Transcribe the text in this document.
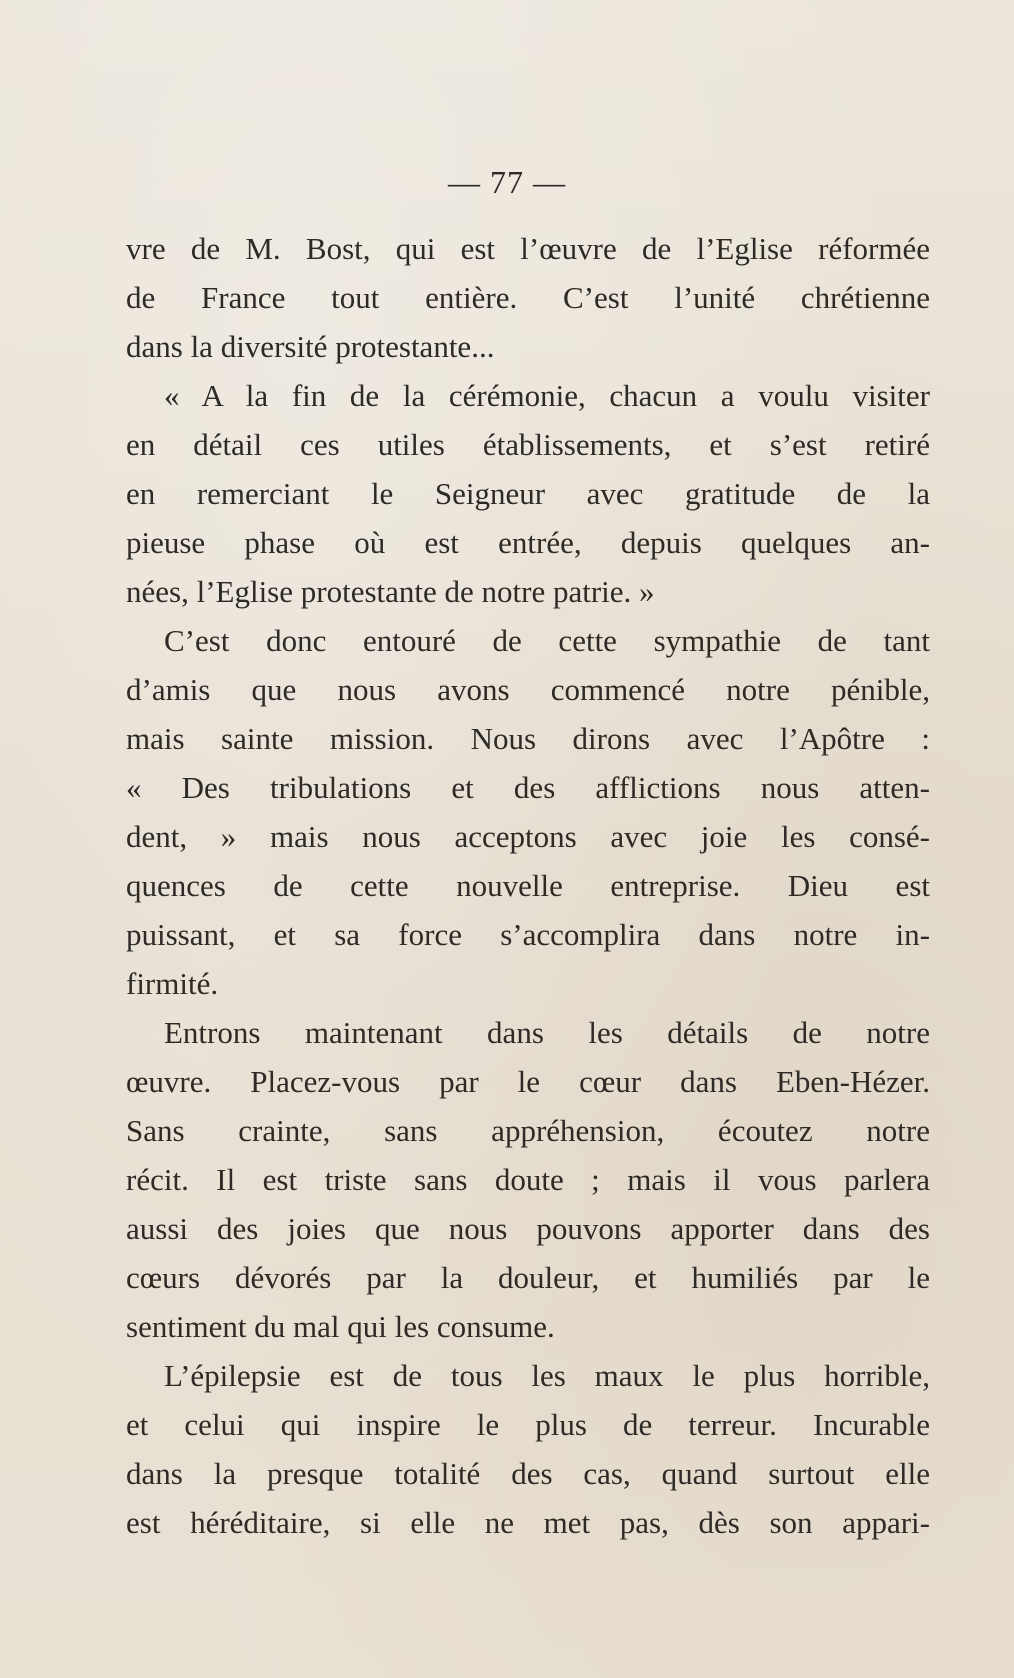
— 77 —
vre de M. Bost, qui est l’œuvre de l’Eglise réformée
de France tout entière. C’est l’unité chrétienne
dans la diversité protestante...
« A la fin de la cérémonie, chacun a voulu visiter
en détail ces utiles établissements, et s’est retiré
en remerciant le Seigneur avec gratitude de la
pieuse phase où est entrée, depuis quelques an-
nées, l’Eglise protestante de notre patrie. »
C’est donc entouré de cette sympathie de tant
d’amis que nous avons commencé notre pénible,
mais sainte mission. Nous dirons avec l’Apôtre :
« Des tribulations et des afflictions nous atten-
dent, » mais nous acceptons avec joie les consé-
quences de cette nouvelle entreprise. Dieu est
puissant, et sa force s’accomplira dans notre in-
firmité.
Entrons maintenant dans les détails de notre
œuvre. Placez-vous par le cœur dans Eben-Hézer.
Sans crainte, sans appréhension, écoutez notre
récit. Il est triste sans doute ; mais il vous parlera
aussi des joies que nous pouvons apporter dans des
cœurs dévorés par la douleur, et humiliés par le
sentiment du mal qui les consume.
L’épilepsie est de tous les maux le plus horrible,
et celui qui inspire le plus de terreur. Incurable
dans la presque totalité des cas, quand surtout elle
est héréditaire, si elle ne met pas, dès son appari-
